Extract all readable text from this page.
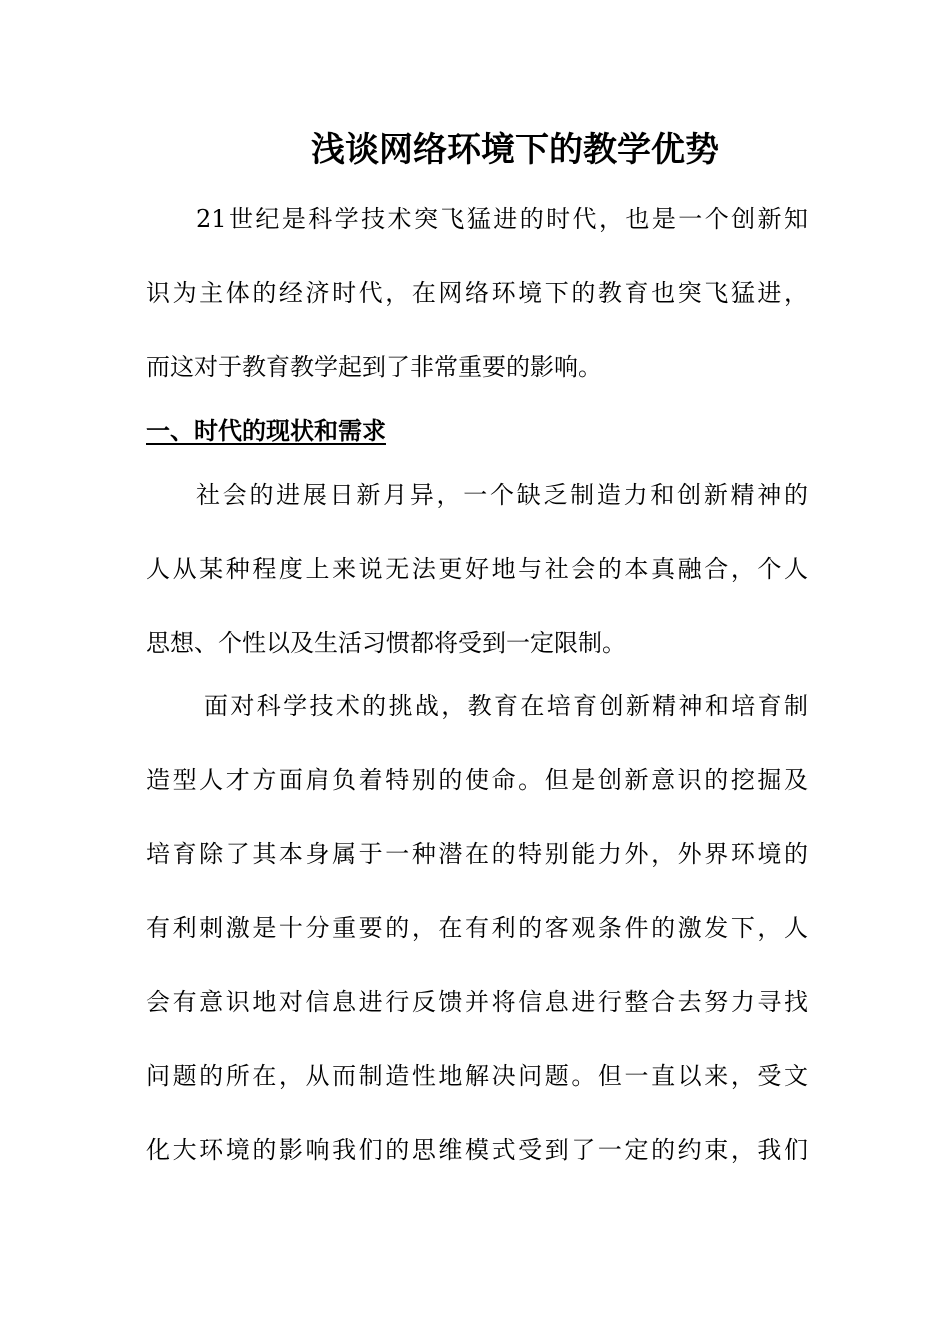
浅谈网络环境下的教学优势
21世纪是科学技术突飞猛进的时代，也是一个创新知
识为主体的经济时代，在网络环境下的教育也突飞猛进，
而这对于教育教学起到了非常重要的影响。
一、时代的现状和需求
社会的进展日新月异，一个缺乏制造力和创新精神的
人从某种程度上来说无法更好地与社会的本真融合，个人
思想、个性以及生活习惯都将受到一定限制。
面对科学技术的挑战，教育在培育创新精神和培育制
造型人才方面肩负着特别的使命。但是创新意识的挖掘及
培育除了其本身属于一种潜在的特别能力外，外界环境的
有利刺激是十分重要的，在有利的客观条件的激发下，人
会有意识地对信息进行反馈并将信息进行整合去努力寻找
问题的所在，从而制造性地解决问题。但一直以来，受文
化大环境的影响我们的思维模式受到了一定的约束，我们
